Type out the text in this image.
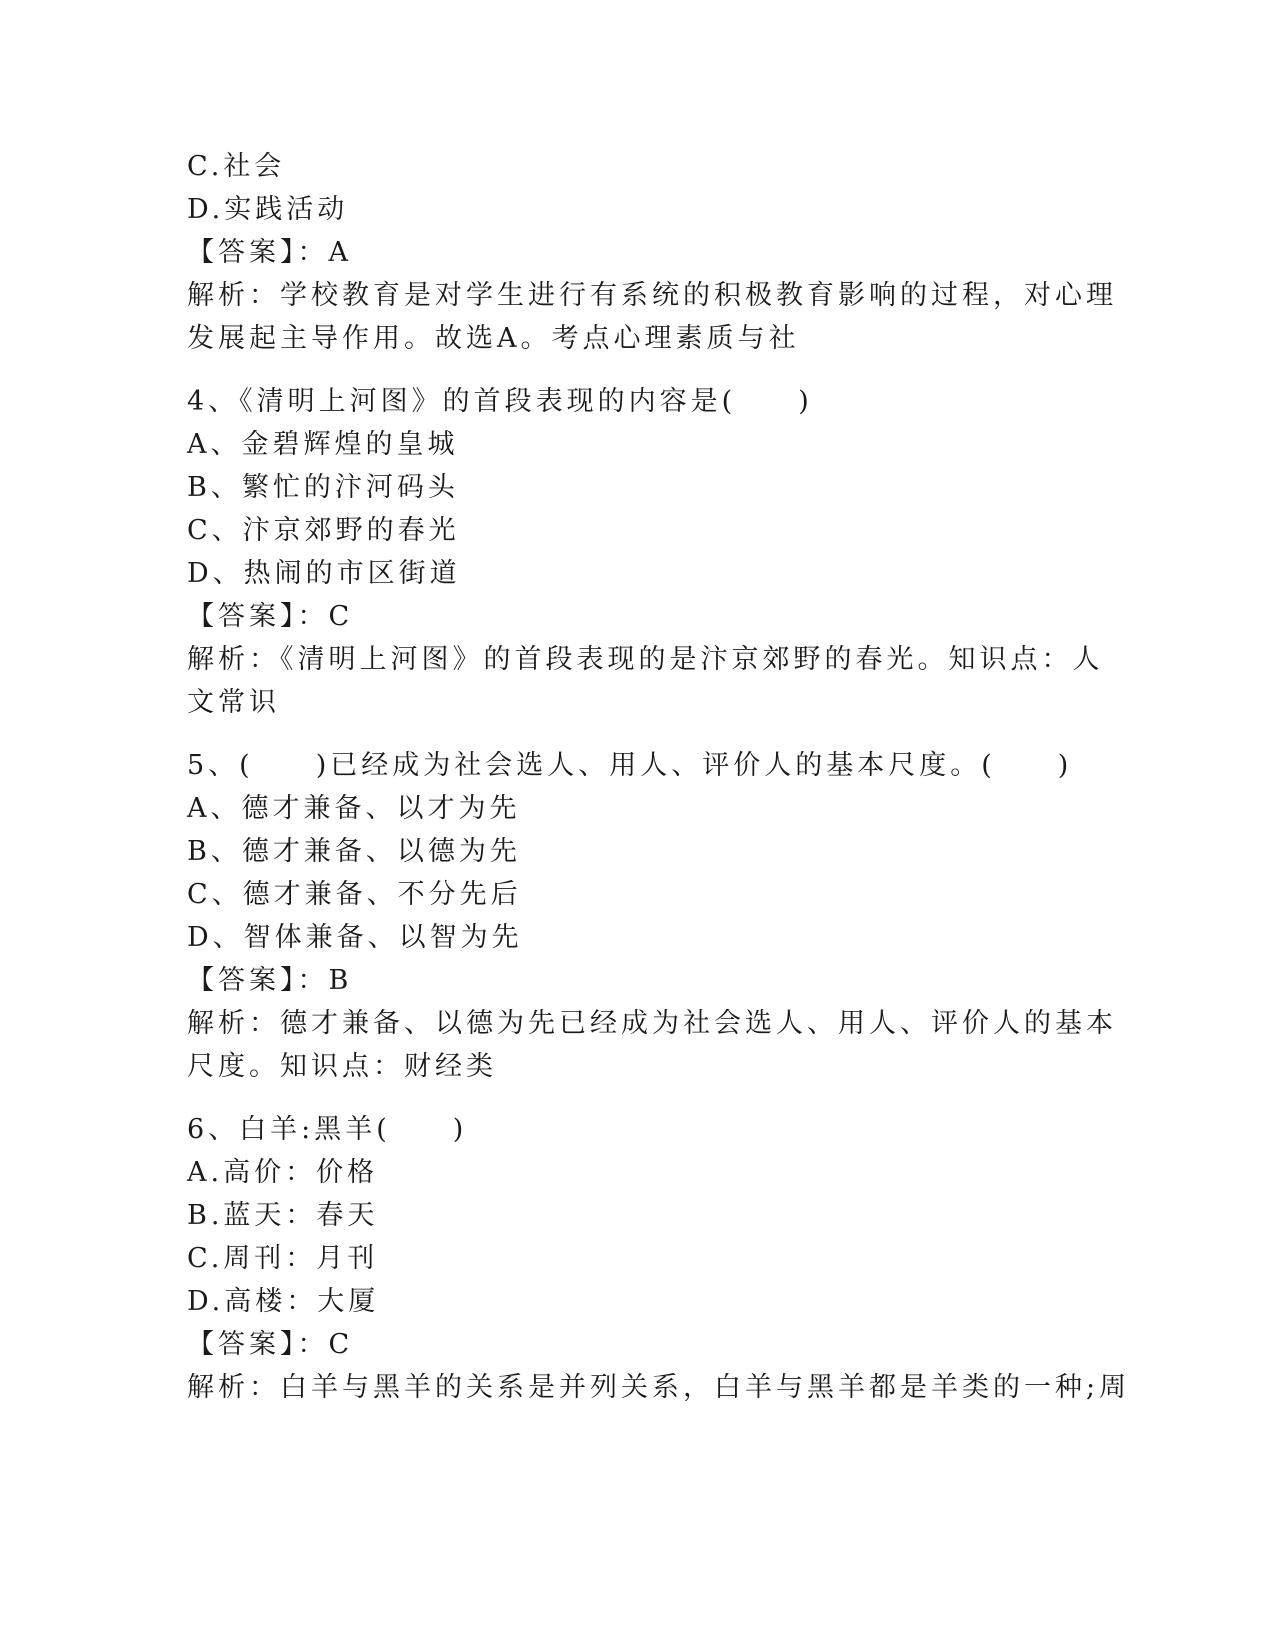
C.社会
D.实践活动
【答案】：A
解析：学校教育是对学生进行有系统的积极教育影响的过程，对心理
发展起主导作用。故选A。考点心理素质与社
4、《清明上河图》的首段表现的内容是(　　)
A、金碧辉煌的皇城
B、繁忙的汴河码头
C、汴京郊野的春光
D、热闹的市区街道
【答案】：C
解析：《清明上河图》的首段表现的是汴京郊野的春光。知识点：人
文常识
5、(　　)已经成为社会选人、用人、评价人的基本尺度。(　　)
A、德才兼备、以才为先
B、德才兼备、以德为先
C、德才兼备、不分先后
D、智体兼备、以智为先
【答案】：B
解析：德才兼备、以德为先已经成为社会选人、用人、评价人的基本
尺度。知识点：财经类
6、白羊:黑羊(　　)
A.高价：价格
B.蓝天：春天
C.周刊：月刊
D.高楼：大厦
【答案】：C
解析：白羊与黑羊的关系是并列关系，白羊与黑羊都是羊类的一种;周
